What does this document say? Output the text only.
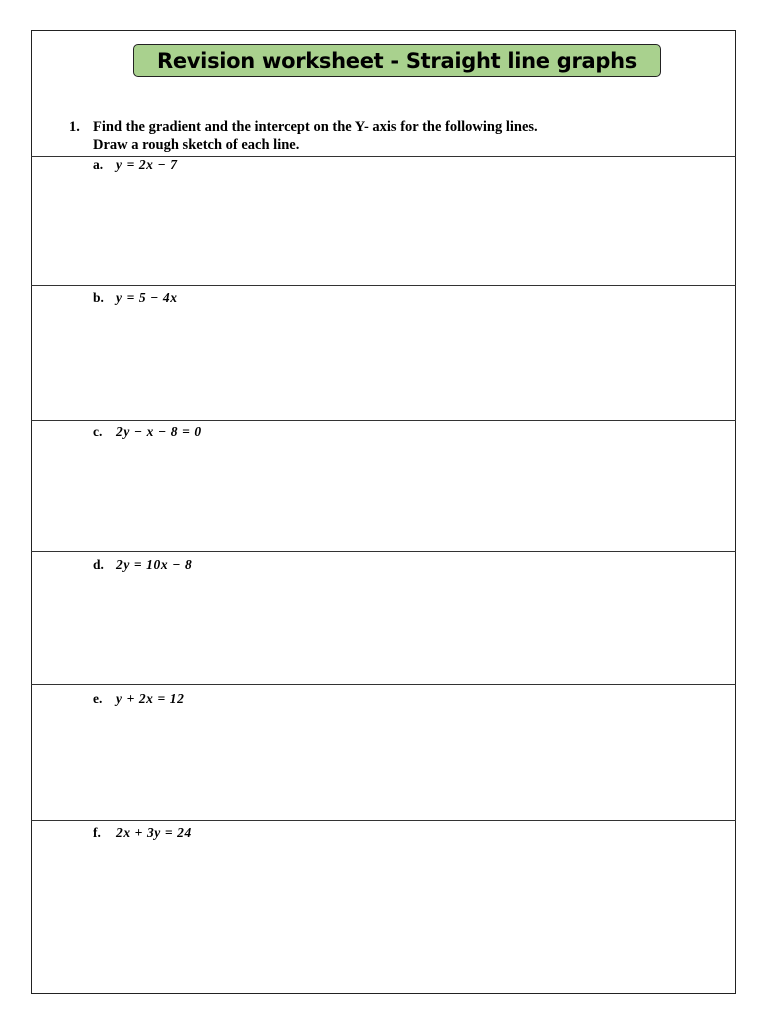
Revision worksheet - Straight line graphs
1. Find the gradient and the intercept on the Y- axis for the following lines.
Draw a rough sketch of each line.
a. y = 2x − 7
b. y = 5 − 4x
c.	2y − x − 8 = 0
d. 2y = 10x − 8
e.	y + 2x = 12
f.	2x + 3y = 24
